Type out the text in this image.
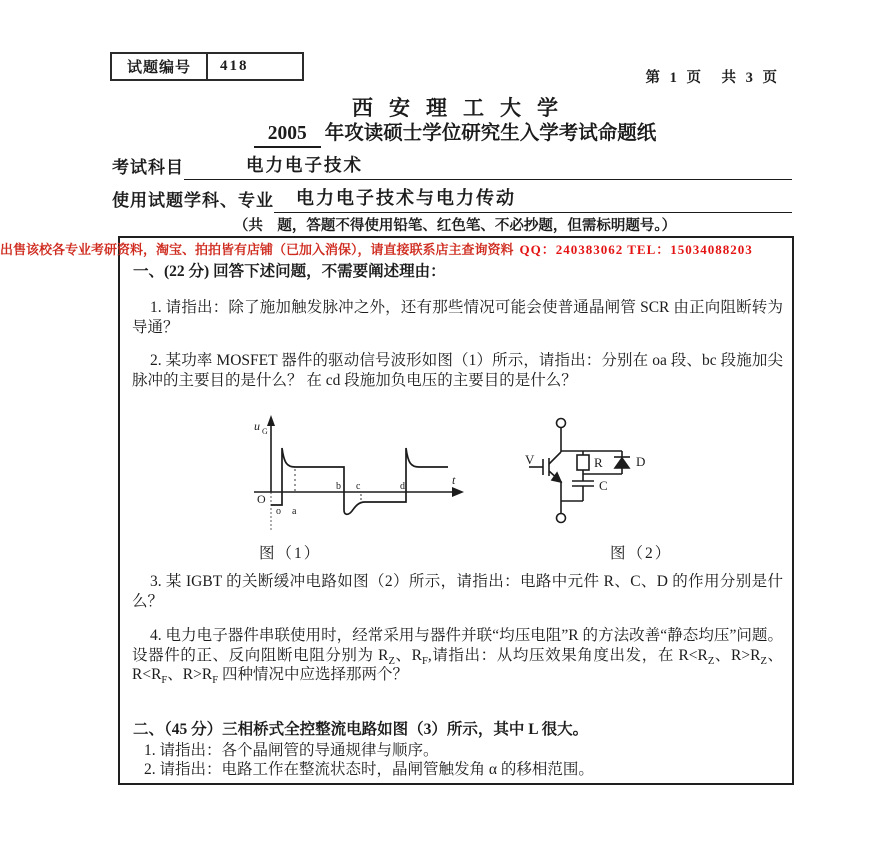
试题编号	418
第 1 页　共 3 页
西安理工大学
2005 年攻读硕士学位研究生入学考试命题纸
考试科目	电力电子技术
使用试题学科、专业	电力电子技术与电力传动
（共　题，答题不得使用铅笔、红色笔、不必抄题，但需标明题号。）
出售该校各专业考研资料，淘宝、拍拍皆有店铺（已加入消保），请直接联系店主查询资料 QQ：240383062 TEL：15034088203

一、(22 分) 回答下述问题，不需要阐述理由：

1. 请指出：除了施加触发脉冲之外，还有那些情况可能会使普通晶闸管 SCR 由正向阻断转为导通？

2. 某功率 MOSFET 器件的驱动信号波形如图（1）所示，请指出：分别在 oa 段、bc 段施加尖脉冲的主要目的是什么？ 在 cd 段施加负电压的主要目的是什么？

u G
t
O
o a
b c	d
V	R	D
C

图（1）	图（2）

3. 某 IGBT 的关断缓冲电路如图（2）所示，请指出：电路中元件 R、C、D 的作用分别是什么？

4. 电力电子器件串联使用时，经常采用与器件并联“均压电阻”R 的方法改善“静态均压”问题。设器件的正、反向阻断电阻分别为 $R_Z$、$R_F$,请指出：从均压效果角度出发，在 $R<R_Z$、$R>R_Z$、$R<R_F$、$R>R_F$ 四种情况中应选择那两个？

二、（45 分）三相桥式全控整流电路如图（3）所示，其中 L 很大。

1. 请指出：各个晶闸管的导通规律与顺序。

2. 请指出：电路工作在整流状态时，晶闸管触发角 α 的移相范围。
